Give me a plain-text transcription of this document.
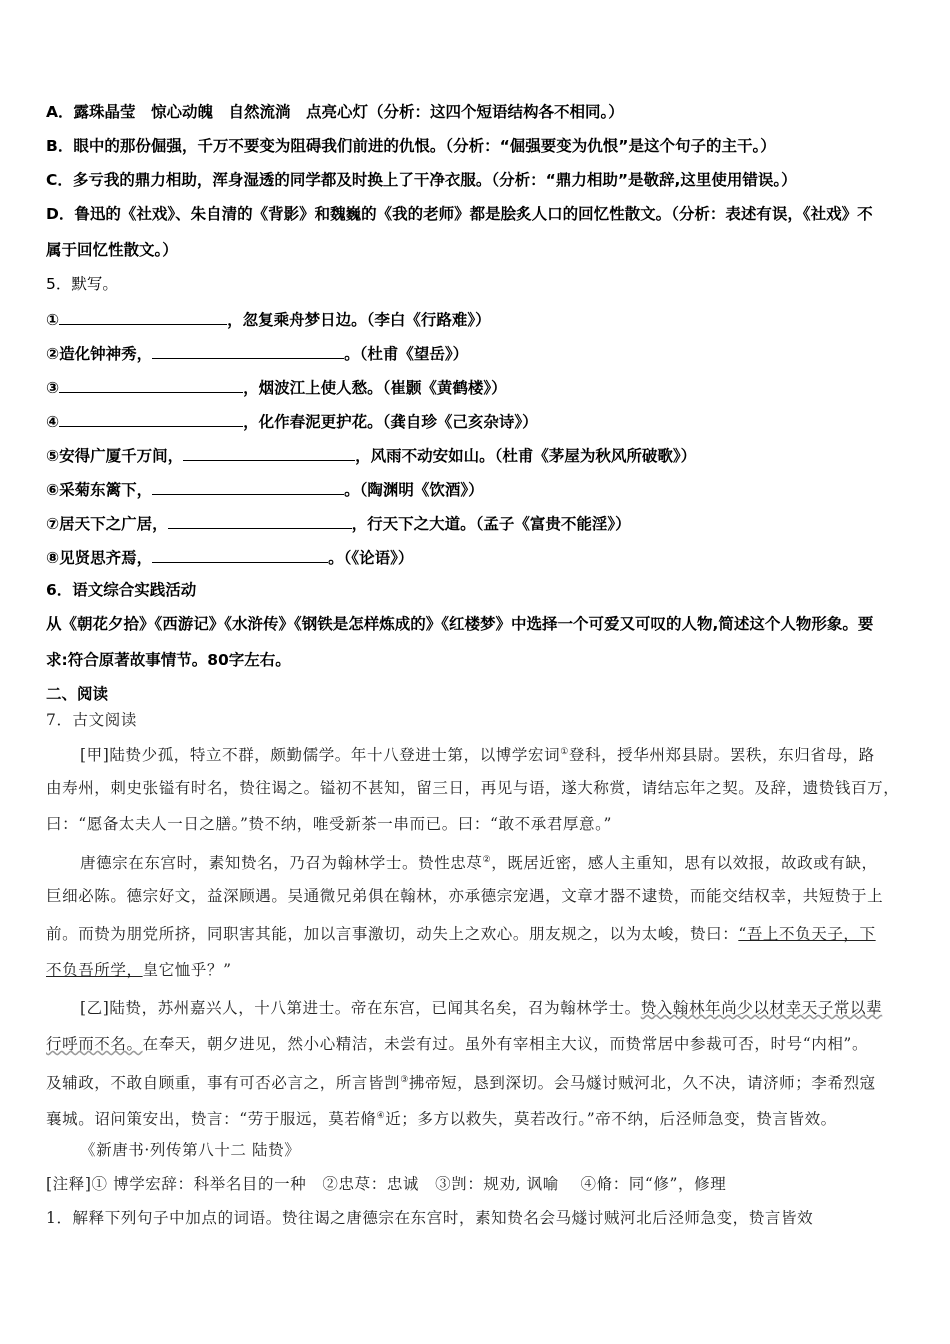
A．露珠晶莹　惊心动魄　自然流淌　点亮心灯（分析：这四个短语结构各不相同。）
B．眼中的那份倔强，千万不要变为阻碍我们前进的仇恨。（分析：“倔强要变为仇恨”是这个句子的主干。）
C．多亏我的鼎力相助，浑身湿透的同学都及时换上了干净衣服。（分析：“鼎力相助”是敬辞,这里使用错误。）
D．鲁迅的《社戏》、朱自清的《背影》和魏巍的《我的老师》都是脍炙人口的回忆性散文。（分析：表述有误，《社戏》不
属于回忆性散文。）
5．默写。
①	，忽复乘舟梦日边。（李白《行路难》）
②造化钟神秀，	。（杜甫《望岳》）
③	，烟波江上使人愁。（崔颢《黄鹤楼》）
④	，化作春泥更护花。（龚自珍《己亥杂诗》）
⑤安得广厦千万间，	，风雨不动安如山。（杜甫《茅屋为秋风所破歌》）
⑥采菊东篱下，	。（陶渊明《饮酒》）
⑦居天下之广居，	，行天下之大道。（孟子《富贵不能淫》）
⑧见贤思齐焉，	。（《论语》）
6．语文综合实践活动
从《朝花夕拾》《西游记》《水浒传》《钢铁是怎样炼成的》《红楼梦》中选择一个可爱又可叹的人物,简述这个人物形象。要
求:符合原著故事情节。80字左右。
二、阅读
7．古文阅读
[甲]陆贽少孤，特立不群，颇勤儒学。年十八登进士第，以博学宏词①登科，授华州郑县尉。罢秩，东归省母，路
由寿州，刺史张镒有时名，贽往谒之。镒初不甚知，留三日，再见与语，遂大称赏，请结忘年之契。及辞，遗贽钱百万，
曰：“愿备太夫人一日之膳。”贽不纳，唯受新茶一串而已。曰：“敢不承君厚意。”
唐德宗在东宫时，素知贽名，乃召为翰林学士。贽性忠荩②，既居近密，感人主重知，思有以效报，故政或有缺，
巨细必陈。德宗好文，益深顾遇。吴通微兄弟俱在翰林，亦承德宗宠遇，文章才器不逮贽，而能交结权幸，共短贽于上
前。而贽为朋党所挤，同职害其能，加以言事激切，动失上之欢心。朋友规之，以为太峻，贽曰：“吾上不负天子，下
不负吾所学，皇它恤乎？”
[乙]陆贽，苏州嘉兴人，十八第进士。帝在东宫，已闻其名矣，召为翰林学士。贽入翰林年尚少以材幸天子常以辈
行呼而不名。在奉天，朝夕进见，然小心精洁，未尝有过。虽外有宰相主大议，而贽常居中参裁可否，时号“内相”。
及辅政，不敢自顾重，事有可否必言之，所言皆剀③拂帝短，恳到深切。会马燧讨贼河北，久不决，请济师；李希烈寇
襄城。诏问策安出，贽言：“劳于服远，莫若脩④近；多方以救失，莫若改行。”帝不纳，后泾师急变，贽言皆效。
《新唐书·列传第八十二 陆贽》
[注释]① 博学宏辞：科举名目的一种　②忠荩：忠诚　③剀：规劝, 讽喻　 ④脩：同“修”，修理
1．解释下列句子中加点的词语。贽往谒之唐德宗在东宫时，素知贽名会马燧讨贼河北后泾师急变，贽言皆效
